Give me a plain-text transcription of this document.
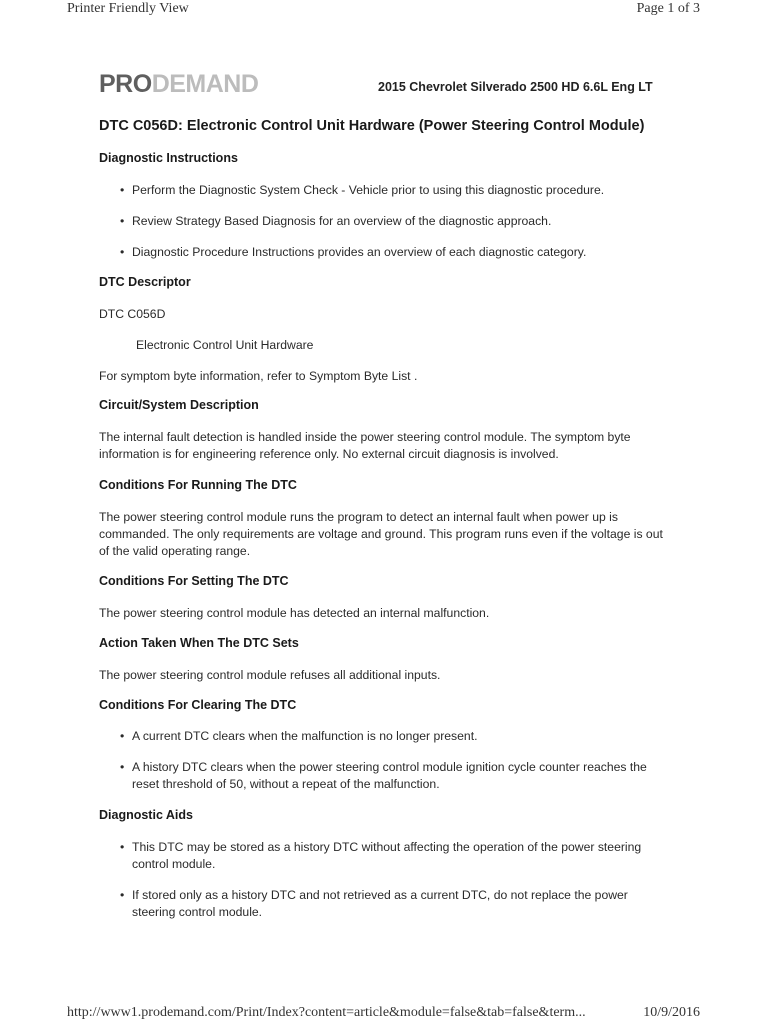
Printer Friendly View	Page 1 of 3
PRODEMAND	2015 Chevrolet Silverado 2500 HD 6.6L Eng LT
DTC C056D: Electronic Control Unit Hardware (Power Steering Control Module)
Diagnostic Instructions
• Perform the Diagnostic System Check - Vehicle prior to using this diagnostic procedure.
• Review Strategy Based Diagnosis for an overview of the diagnostic approach.
• Diagnostic Procedure Instructions provides an overview of each diagnostic category.
DTC Descriptor
DTC C056D
Electronic Control Unit Hardware
For symptom byte information, refer to Symptom Byte List .
Circuit/System Description
The internal fault detection is handled inside the power steering control module. The symptom byte information is for engineering reference only. No external circuit diagnosis is involved.
Conditions For Running The DTC
The power steering control module runs the program to detect an internal fault when power up is commanded. The only requirements are voltage and ground. This program runs even if the voltage is out of the valid operating range.
Conditions For Setting The DTC
The power steering control module has detected an internal malfunction.
Action Taken When The DTC Sets
The power steering control module refuses all additional inputs.
Conditions For Clearing The DTC
• A current DTC clears when the malfunction is no longer present.
• A history DTC clears when the power steering control module ignition cycle counter reaches the reset threshold of 50, without a repeat of the malfunction.
Diagnostic Aids
• This DTC may be stored as a history DTC without affecting the operation of the power steering control module.
• If stored only as a history DTC and not retrieved as a current DTC, do not replace the power steering control module.
http://www1.prodemand.com/Print/Index?content=article&module=false&tab=false&term...	10/9/2016
